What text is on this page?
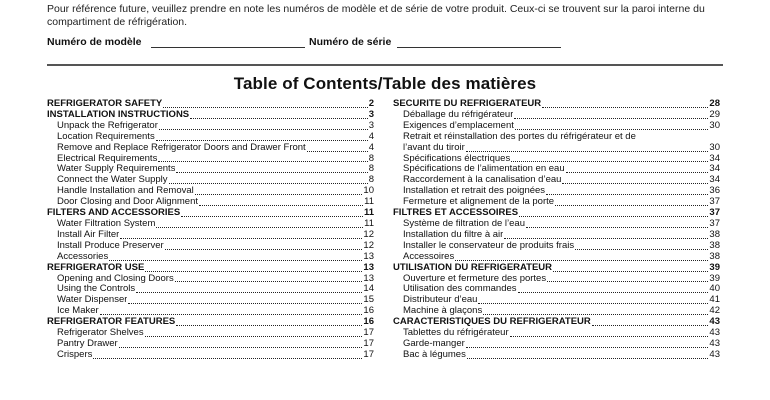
Pour référence future, veuillez prendre en note les numéros de modèle et de série de votre produit. Ceux-ci se trouvent sur la paroi interne du compartiment de réfrigération.
Numéro de modèle	Numéro de série
Table of Contents/Table des matières
REFRIGERATOR SAFETY	2
INSTALLATION INSTRUCTIONS	3
Unpack the Refrigerator	3
Location Requirements	4
Remove and Replace Refrigerator Doors and Drawer Front	4
Electrical Requirements	8
Water Supply Requirements	8
Connect the Water Supply	8
Handle Installation and Removal	10
Door Closing and Door Alignment	11
FILTERS AND ACCESSORIES	11
Water Filtration System	11
Install Air Filter	12
Install Produce Preserver	12
Accessories	13
REFRIGERATOR USE	13
Opening and Closing Doors	13
Using the Controls	14
Water Dispenser	15
Ice Maker	16
REFRIGERATOR FEATURES	16
Refrigerator Shelves	17
Pantry Drawer	17
Crispers	17
SÉCURITÉ DU RÉFRIGÉRATEUR	28
Déballage du réfrigérateur	29
Exigences d’emplacement	30
Retrait et réinstallation des portes du réfrigérateur et de
l’avant du tiroir	30
Spécifications électriques	34
Spécifications de l’alimentation en eau	34
Raccordement à la canalisation d’eau	34
Installation et retrait des poignées	36
Fermeture et alignement de la porte	37
FILTRES ET ACCESSOIRES	37
Système de filtration de l’eau	37
Installation du filtre à air	38
Installer le conservateur de produits frais	38
Accessoires	38
UTILISATION DU RÉFRIGÉRATEUR	39
Ouverture et fermeture des portes	39
Utilisation des commandes	40
Distributeur d’eau	41
Machine à glaçons	42
CARACTÉRISTIQUES DU RÉFRIGÉRATEUR	43
Tablettes du réfrigérateur	43
Garde-manger	43
Bac à légumes	43
